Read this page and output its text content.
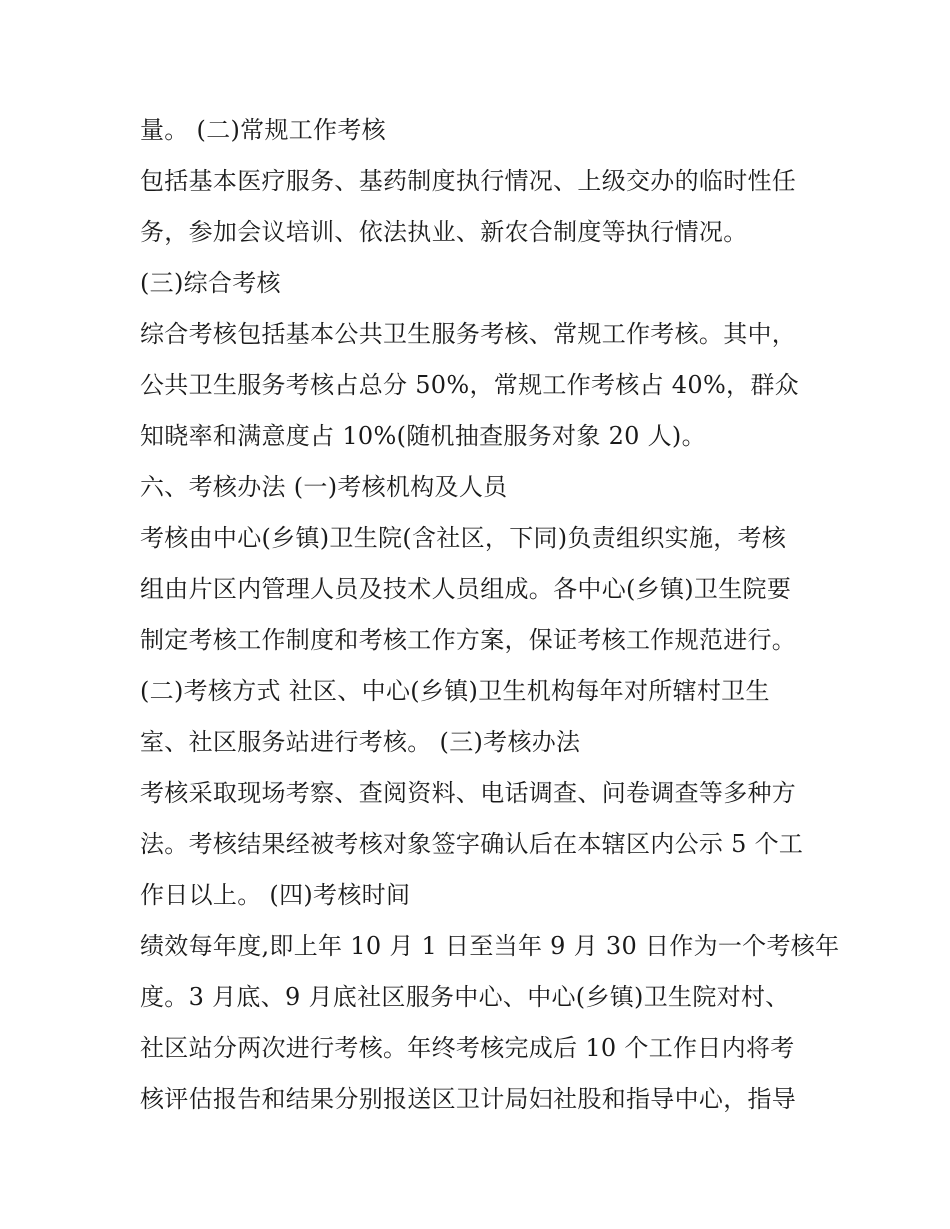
量。 (二)常规工作考核
包括基本医疗服务、基药制度执行情况、上级交办的临时性任
务，参加会议培训、依法执业、新农合制度等执行情况。
(三)综合考核
综合考核包括基本公共卫生服务考核、常规工作考核。其中，
公共卫生服务考核占总分 50%，常规工作考核占 40%，群众
知晓率和满意度占 10%(随机抽查服务对象 20 人)。
六、考核办法 (一)考核机构及人员
考核由中心(乡镇)卫生院(含社区，下同)负责组织实施，考核
组由片区内管理人员及技术人员组成。各中心(乡镇)卫生院要
制定考核工作制度和考核工作方案，保证考核工作规范进行。
(二)考核方式 社区、中心(乡镇)卫生机构每年对所辖村卫生
室、社区服务站进行考核。 (三)考核办法
考核采取现场考察、查阅资料、电话调查、问卷调查等多种方
法。考核结果经被考核对象签字确认后在本辖区内公示 5 个工
作日以上。 (四)考核时间
绩效每年度,即上年 10 月 1 日至当年 9 月 30 日作为一个考核年
度。3 月底、9 月底社区服务中心、中心(乡镇)卫生院对村、
社区站分两次进行考核。年终考核完成后 10 个工作日内将考
核评估报告和结果分别报送区卫计局妇社股和指导中心，指导
